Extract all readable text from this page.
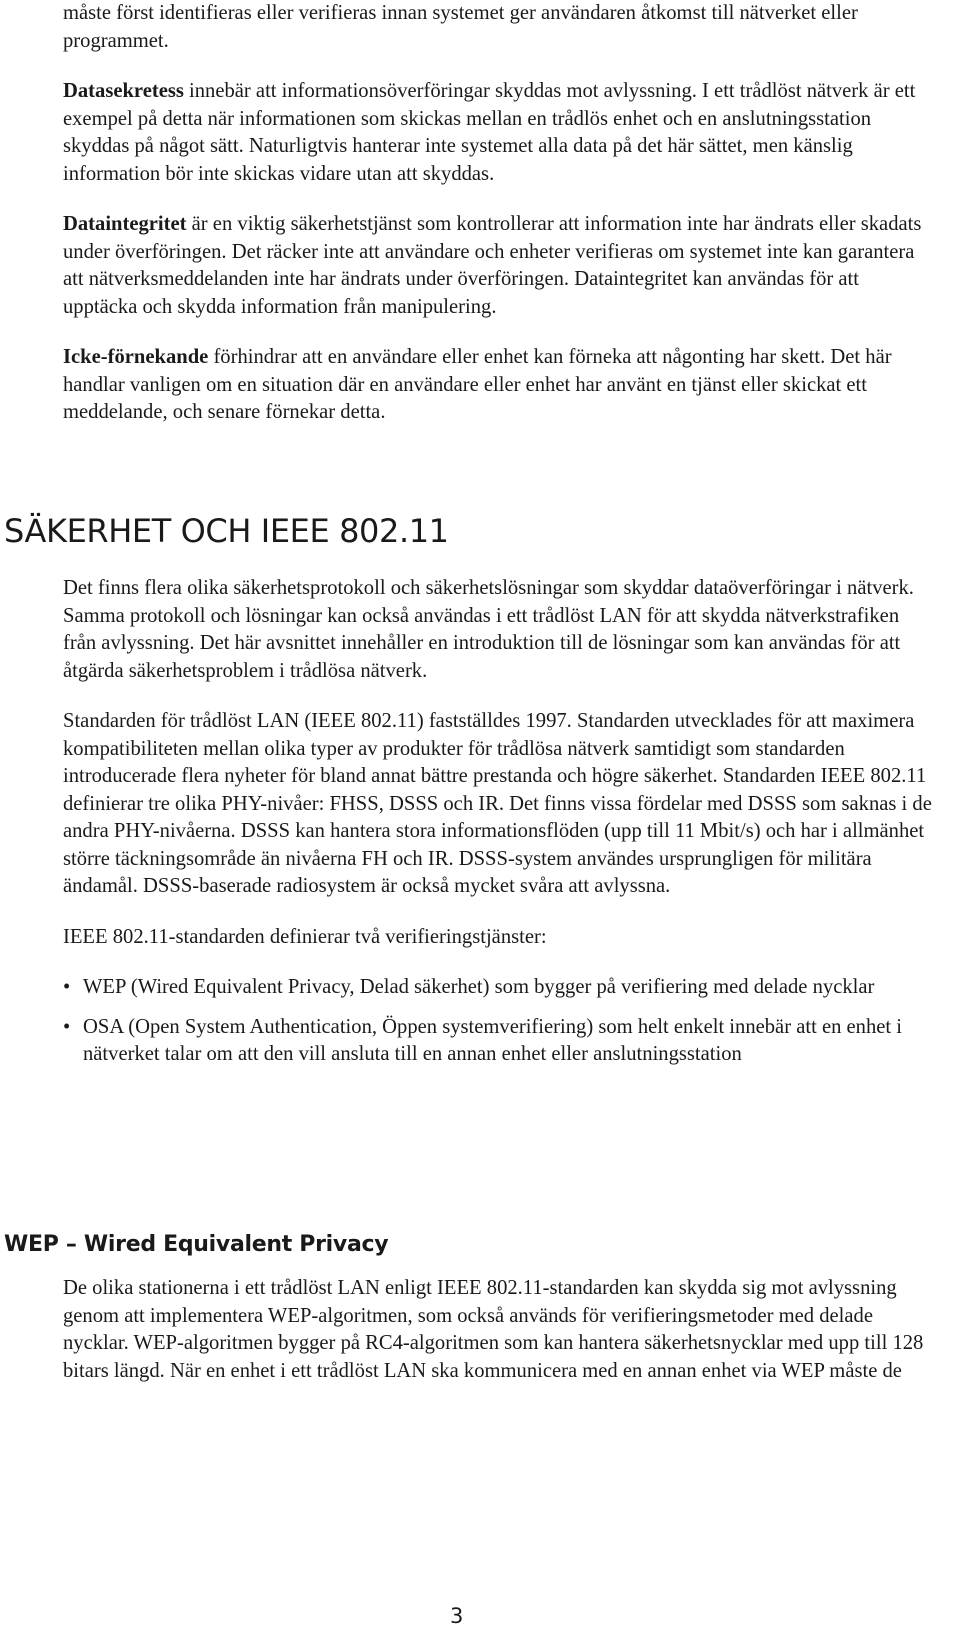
måste först identifieras eller verifieras innan systemet ger användaren åtkomst till nätverket eller programmet.

Datasekretess innebär att informationsöverföringar skyddas mot avlyssning. I ett trådlöst nätverk är ett exempel på detta när informationen som skickas mellan en trådlös enhet och en anslutningsstation skyddas på något sätt. Naturligtvis hanterar inte systemet alla data på det här sättet, men känslig information bör inte skickas vidare utan att skyddas.

Dataintegritet är en viktig säkerhetstjänst som kontrollerar att information inte har ändrats eller skadats under överföringen. Det räcker inte att användare och enheter verifieras om systemet inte kan garantera att nätverksmeddelanden inte har ändrats under överföringen. Dataintegritet kan användas för att upptäcka och skydda information från manipulering.

Icke-förnekande förhindrar att en användare eller enhet kan förneka att någonting har skett. Det här handlar vanligen om en situation där en användare eller enhet har använt en tjänst eller skickat ett meddelande, och senare förnekar detta.

SÄKERHET OCH IEEE 802.11

Det finns flera olika säkerhetsprotokoll och säkerhetslösningar som skyddar dataöverföringar i nätverk. Samma protokoll och lösningar kan också användas i ett trådlöst LAN för att skydda nätverkstrafiken från avlyssning. Det här avsnittet innehåller en introduktion till de lösningar som kan användas för att åtgärda säkerhetsproblem i trådlösa nätverk.

Standarden för trådlöst LAN (IEEE 802.11) fastställdes 1997. Standarden utvecklades för att maximera kompatibiliteten mellan olika typer av produkter för trådlösa nätverk samtidigt som standarden introducerade flera nyheter för bland annat bättre prestanda och högre säkerhet. Standarden IEEE 802.11 definierar tre olika PHY-nivåer: FHSS, DSSS och IR. Det finns vissa fördelar med DSSS som saknas i de andra PHY-nivåerna. DSSS kan hantera stora informationsflöden (upp till 11 Mbit/s) och har i allmänhet större täckningsområde än nivåerna FH och IR. DSSS-system användes ursprungligen för militära ändamål. DSSS-baserade radiosystem är också mycket svåra att avlyssna.

IEEE 802.11-standarden definierar två verifieringstjänster:

• WEP (Wired Equivalent Privacy, Delad säkerhet) som bygger på verifiering med delade nycklar
• OSA (Open System Authentication, Öppen systemverifiering) som helt enkelt innebär att en enhet i nätverket talar om att den vill ansluta till en annan enhet eller anslutningsstation
WEP – Wired Equivalent Privacy

De olika stationerna i ett trådlöst LAN enligt IEEE 802.11-standarden kan skydda sig mot avlyssning genom att implementera WEP-algoritmen, som också används för verifieringsmetoder med delade nycklar. WEP-algoritmen bygger på RC4-algoritmen som kan hantera säkerhetsnycklar med upp till 128 bitars längd. När en enhet i ett trådlöst LAN ska kommunicera med en annan enhet via WEP måste de

3
